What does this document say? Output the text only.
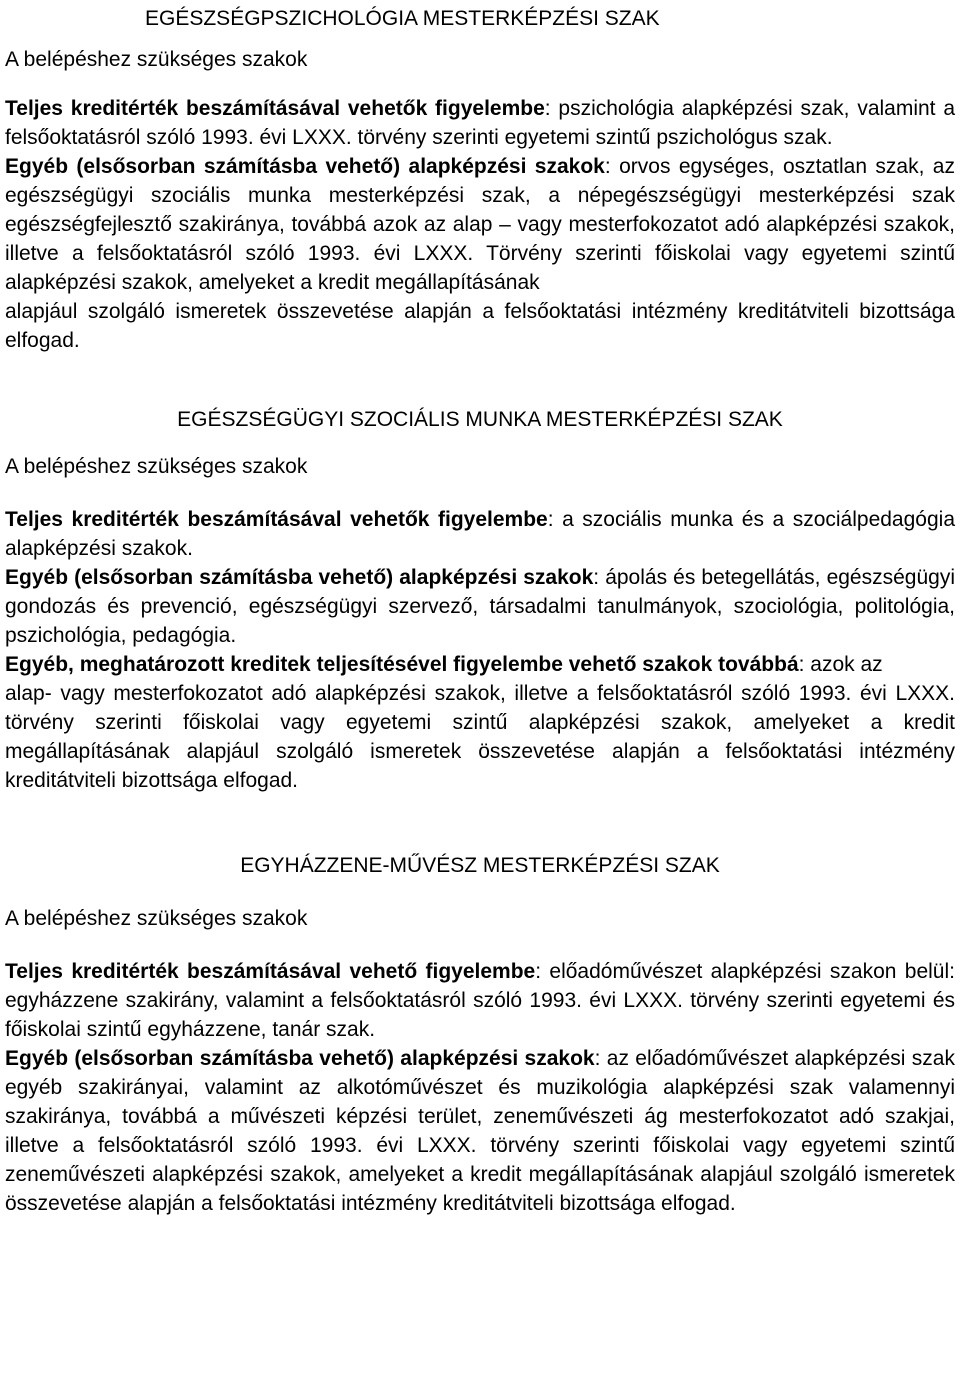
EGÉSZSÉGPSZICHOLÓGIA MESTERKÉPZÉSI SZAK
A belépéshez szükséges szakok

Teljes kreditérték beszámításával vehetők figyelembe: pszichológia alapképzési szak, valamint a felsőoktatásról szóló 1993. évi LXXX. törvény szerinti egyetemi szintű pszichológus szak.

Egyéb (elsősorban számításba vehető) alapképzési szakok: orvos egységes, osztatlan szak, az egészségügyi szociális munka mesterképzési szak, a népegészségügyi mesterképzési szak egészségfejlesztő szakiránya, továbbá azok az alap – vagy mesterfokozatot adó alapképzési szakok, illetve a felsőoktatásról szóló 1993. évi LXXX. Törvény szerinti főiskolai vagy egyetemi szintű alapképzési szakok, amelyeket a kredit megállapításának

alapjául szolgáló ismeretek összevetése alapján a felsőoktatási intézmény kreditátviteli bizottsága elfogad.

EGÉSZSÉGÜGYI SZOCIÁLIS MUNKA MESTERKÉPZÉSI SZAK
A belépéshez szükséges szakok

Teljes kreditérték beszámításával vehetők figyelembe: a szociális munka és a szociálpedagógia alapképzési szakok.

Egyéb (elsősorban számításba vehető) alapképzési szakok: ápolás és betegellátás, egészségügyi gondozás és prevenció, egészségügyi szervező, társadalmi tanulmányok, szociológia, politológia, pszichológia, pedagógia.

Egyéb, meghatározott kreditek teljesítésével figyelembe vehető szakok továbbá: azok az

alap- vagy mesterfokozatot adó alapképzési szakok, illetve a felsőoktatásról szóló 1993. évi LXXX. törvény szerinti főiskolai vagy egyetemi szintű alapképzési szakok, amelyeket a kredit megállapításának alapjául szolgáló ismeretek összevetése alapján a felsőoktatási intézmény kreditátviteli bizottsága elfogad.

EGYHÁZZENE-MŰVÉSZ MESTERKÉPZÉSI SZAK
A belépéshez szükséges szakok

Teljes kreditérték beszámításával vehető figyelembe: előadóművészet alapképzési szakon belül: egyházzene szakirány, valamint a felsőoktatásról szóló 1993. évi LXXX. törvény szerinti egyetemi és főiskolai szintű egyházzene, tanár szak.

Egyéb (elsősorban számításba vehető) alapképzési szakok: az előadóművészet alapképzési szak egyéb szakirányai, valamint az alkotóművészet és muzikológia alapképzési szak valamennyi szakiránya, továbbá a művészeti képzési terület, zeneművészeti ág mesterfokozatot adó szakjai, illetve a felsőoktatásról szóló 1993. évi LXXX. törvény szerinti főiskolai vagy egyetemi szintű zeneművészeti alapképzési szakok, amelyeket a kredit megállapításának alapjául szolgáló ismeretek összevetése alapján a felsőoktatási intézmény kreditátviteli bizottsága elfogad.
